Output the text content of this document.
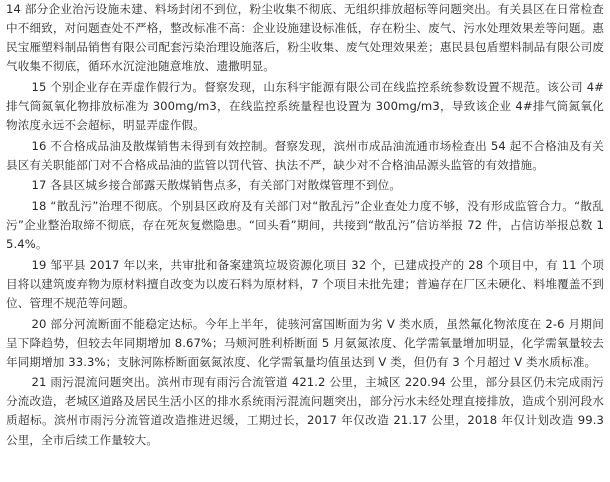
14 部分企业治污设施未建、料场封闭不到位，粉尘收集不彻底、无组织排放超标等问题突出。有关县区在日常检查中不细致，对问题查处不严格，整改标准不高：企业设施建设标准低，存在粉尘、废气、污水处理效果差等问题。惠民宝雁塑料制品销售有限公司配套污染治理设施落后，粉尘收集、废气处理效果差；惠民县包盾塑料制品有限公司废气收集不彻底，循环水沉淀池随意堆放、遗撒明显。

15 个别企业存在弄虚作假行为。督察发现，山东科宇能源有限公司在线监控系统参数设置不规范。该公司 4#排气筒氮氧化物排放标准为 300mg/m3，在线监控系统量程也设置为 300mg/m3，导致该企业 4#排气筒氮氧化物浓度永远不会超标，明显弄虚作假。

16 不合格成品油及散煤销售未得到有效控制。督察发现，滨州市成品油流通市场检查出 54 起不合格油及有关县区有关职能部门对不合格成品油的监管以罚代管、执法不严，缺少对不合格油品源头监管的有效措施。

17 各县区城乡接合部露天散煤销售点多，有关部门对散煤管理不到位。

18 “散乱污”治理不彻底。个别县区政府及有关部门对“散乱污”企业查处力度不够，没有形成监管合力。“散乱污”企业整治取缔不彻底，存在死灰复燃隐患。“回头看”期间，共接到“散乱污”信访举报 72 件，占信访举报总数 15.4%。

19 邹平县 2017 年以来，共审批和备案建筑垃圾资源化项目 32 个，已建成投产的 28 个项目中，有 11 个项目将以建筑废弃物为原材料擅自改变为以废石料为原材料，7 个项目未批先建；普遍存在厂区未硬化、料堆覆盖不到位、管理不规范等问题。

20 部分河流断面不能稳定达标。今年上半年，徒骇河富国断面为劣 V 类水质，虽然氟化物浓度在 2-6 月期间呈下降趋势，但较去年同期增加 8.67%；马颊河胜利桥断面 5 月氨氮浓度、化学需氧量增加明显，化学需氧量较去年同期增加 33.3%；支脉河陈桥断面氨氮浓度、化学需氧量均值虽达到 V 类，但仍有 3 个月超过 V 类水质标准。

21 雨污混流问题突出。滨州市现有雨污合流管道 421.2 公里，主城区 220.94 公里，部分县区仍未完成雨污分流改造，老城区道路及居民生活小区的排水系统雨污混流问题突出，部分污水未经处理直接排放，造成个别河段水质超标。滨州市雨污分流管道改造推进迟缓，工期过长，2017 年仅改造 21.17 公里，2018 年仅计划改造 99.3 公里，全市后续工作量较大。
